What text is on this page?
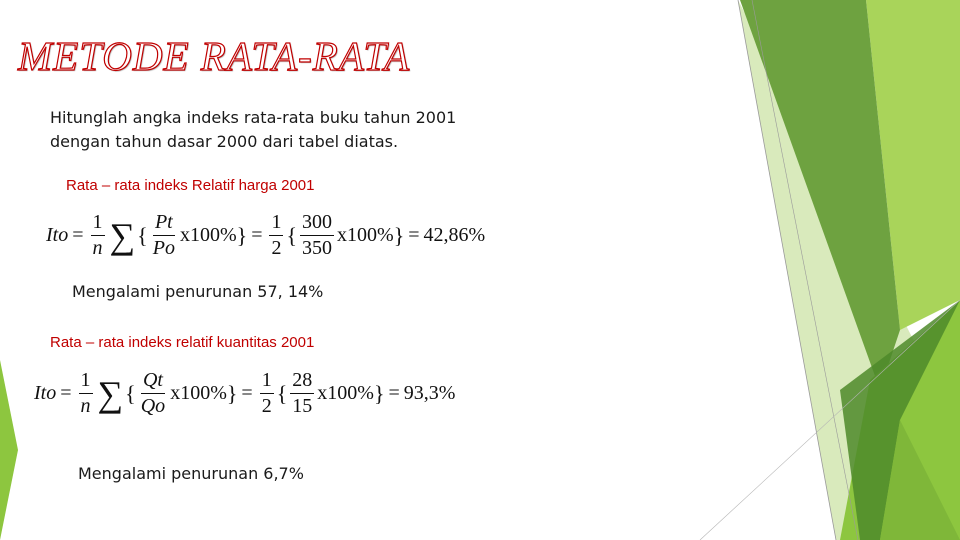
METODE RATA-RATA
Hitunglah angka indeks rata-rata buku tahun 2001 dengan tahun dasar 2000 dari tabel diatas.
Rata – rata indeks Relatif harga 2001
Ito = $\frac{1}{n}$ ∑ { $\frac{Pt}{Po} x100\%$ } = $\frac{1}{2}$ { $\frac{300}{350} x100\%$ } = 42,86%
Mengalami penurunan 57, 14%
Rata – rata indeks relatif kuantitas 2001
Ito = $\frac{1}{n}$ ∑ { $\frac{Qt}{Qo} x100\%$ } = $\frac{1}{2}$ { $\frac{28}{15} x100\%$ } = 93,3%
Mengalami penurunan 6,7%
